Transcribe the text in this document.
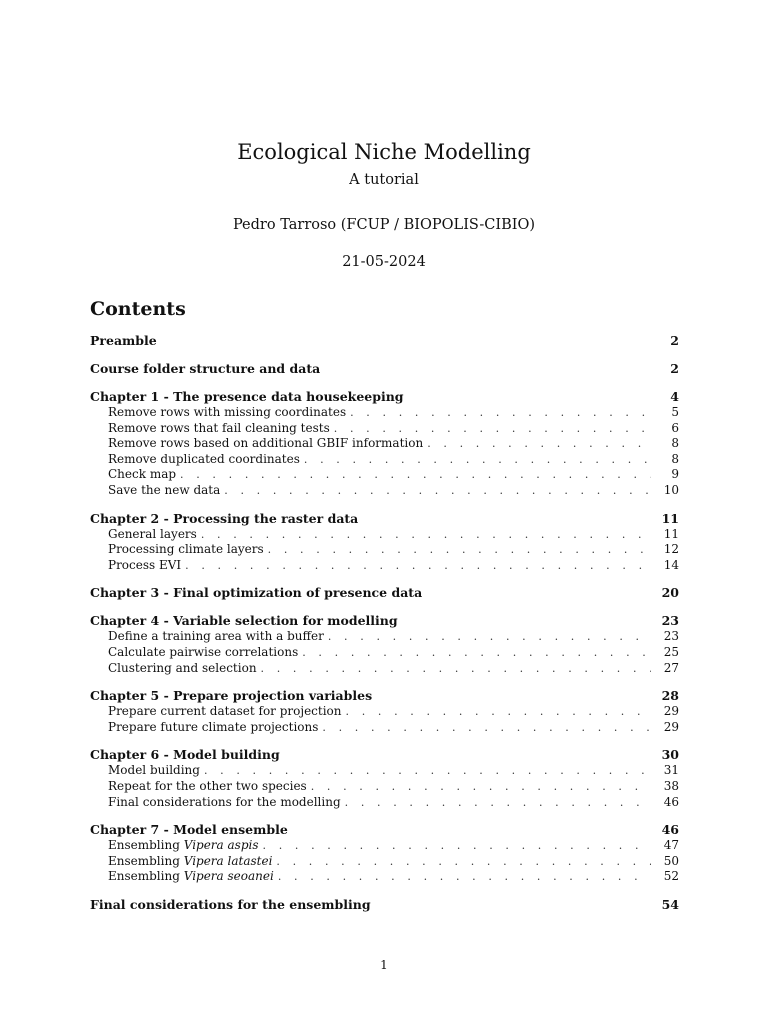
Ecological Niche Modelling
A tutorial
Pedro Tarroso (FCUP / BIOPOLIS-CIBIO)
21-05-2024
Contents
Preamble	2
Course folder structure and data	2
Chapter 1 - The presence data housekeeping	4
Remove rows with missing coordinates . . .	5
Remove rows that fail cleaning tests . . .	6
Remove rows based on additional GBIF information . . .	8
Remove duplicated coordinates . . .	8
Check map . . .	9
Save the new data . . .	10
Chapter 2 - Processing the raster data	11
General layers . . .	11
Processing climate layers . . .	12
Process EVI . . .	14
Chapter 3 - Final optimization of presence data	20
Chapter 4 - Variable selection for modelling	23
Define a training area with a buffer . . .	23
Calculate pairwise correlations . . .	25
Clustering and selection . . .	27
Chapter 5 - Prepare projection variables	28
Prepare current dataset for projection . . .	29
Prepare future climate projections . . .	29
Chapter 6 - Model building	30
Model building . . .	31
Repeat for the other two species . . .	38
Final considerations for the modelling . . .	46
Chapter 7 - Model ensemble	46
Ensembling Vipera aspis . . .	47
Ensembling Vipera latastei . . .	50
Ensembling Vipera seoanei . . .	52
Final considerations for the ensembling	54
1
